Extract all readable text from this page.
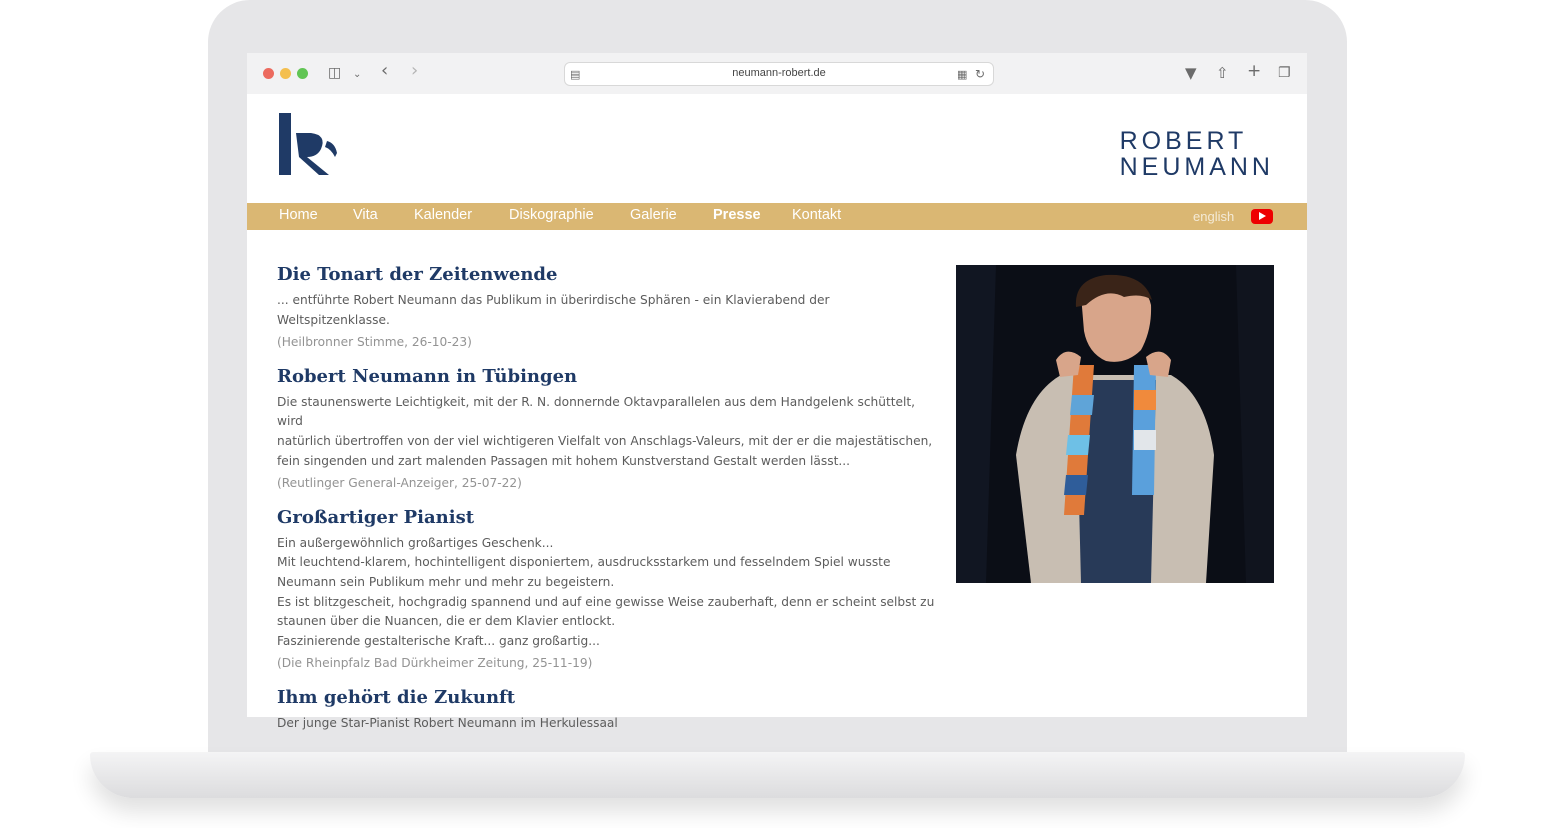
◫ ⌄ ‹ ›	▤	neumann-robert.de	▦ ↻	▼ ⇧ + ❐
ROBERT
NEUMANN
Home Vita	Kalender	Diskographie	Galerie	Presse Kontakt	english
Die Tonart der Zeitenwende

... entführte Robert Neumann das Publikum in überirdische Sphären - ein Klavierabend der Weltspitzenklasse.

(Heilbronner Stimme, 26-10-23)

Robert Neumann in Tübingen

Die staunenswerte Leichtigkeit, mit der R. N. donnernde Oktavparallelen aus dem Handgelenk schüttelt, wird

natürlich übertroffen von der viel wichtigeren Vielfalt von Anschlags-Valeurs, mit der er die majestätischen,

fein singenden und zart malenden Passagen mit hohem Kunstverstand Gestalt werden lässt...

(Reutlinger General-Anzeiger, 25-07-22)

Großartiger Pianist

Ein außergewöhnlich großartiges Geschenk...

Mit leuchtend-klarem, hochintelligent disponiertem, ausdrucksstarkem und fesselndem Spiel wusste

Neumann sein Publikum mehr und mehr zu begeistern.

Es ist blitzgescheit, hochgradig spannend und auf eine gewisse Weise zauberhaft, denn er scheint selbst zu

staunen über die Nuancen, die er dem Klavier entlockt.

Faszinierende gestalterische Kraft... ganz großartig...

(Die Rheinpfalz Bad Dürkheimer Zeitung, 25-11-19)

Ihm gehört die Zukunft

Der junge Star-Pianist Robert Neumann im Herkulessaal
